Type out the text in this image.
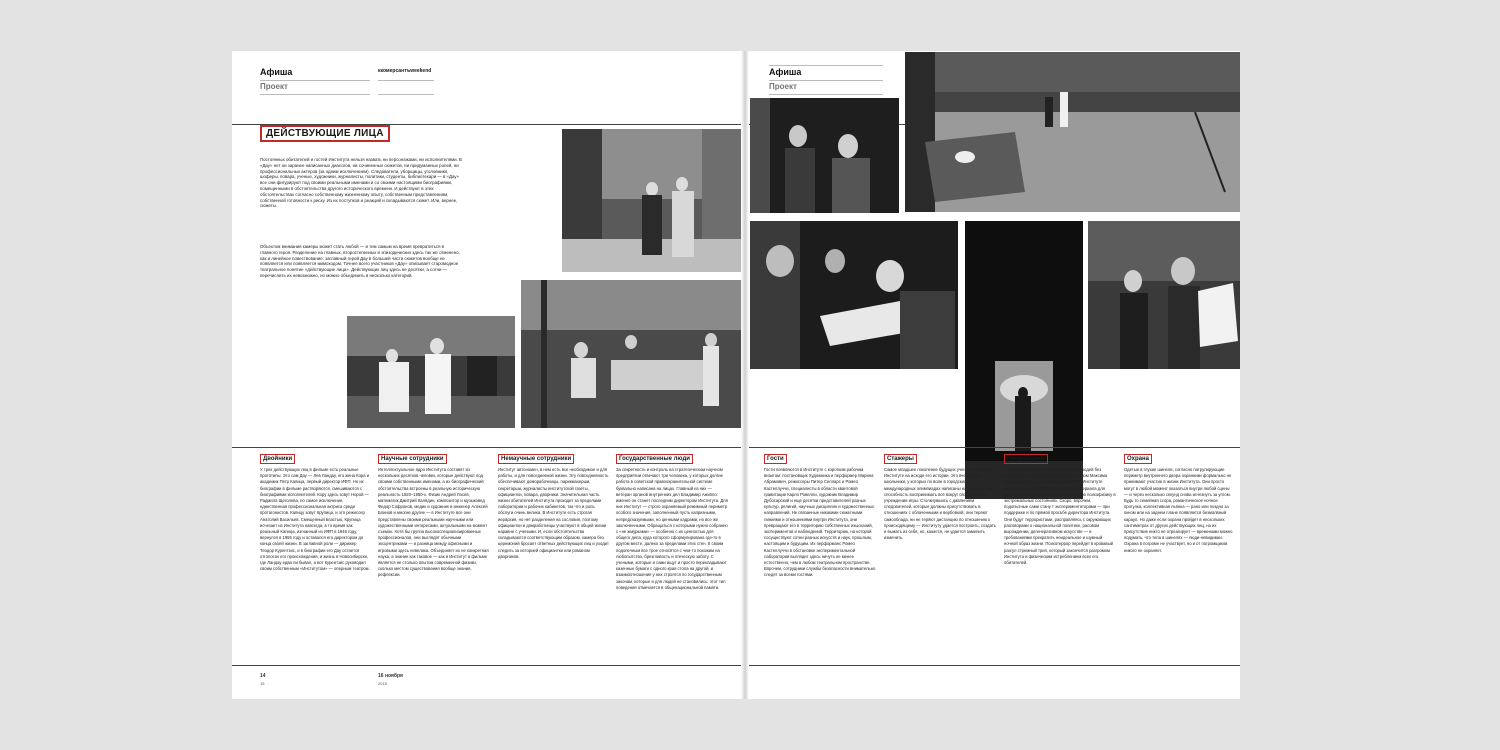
Афиша
Проект
ккомерсантъweekend
ДЕЙСТВУЮЩИЕ ЛИЦА
Постоянных обитателей и гостей Института нельзя назвать ни персонажами, ни исполнителями. В «Дау» нет ни заранее написанных диалогов, ни сочиненных сюжетов, ни придуманных ролей, ни профессиональных актеров (за одним исключением). Следователи, уборщицы, уголовники, шоферы, повара, ученые, художники, журналисты, политики, студенты, библиотекари — в «Дау» все они фигурируют под своими реальными именами и со своими настоящими биографиями, помещенными в обстоятельства другого исторического времени. И действуют в этих обстоятельствах согласно собственному жизненному опыту, собственным представлениям, собственной готовности к риску. Из их поступков и реакций и складываются сюжет. Или, вернее, сюжеты.
Объектом внимания камеры может стать любой — и тем самым на время превратиться в главного героя. Разделение на главных, второстепенных и эпизодических здесь так же отменено, как и линейное повествование: заглавный герой Дау в большей части сюжетов вообще не появляется или появляется мимоходом. Точнее всего участников «Дау» описывает старомодное театральное понятие «действующие лица». Действующих лиц здесь не десятки, а сотни — перечислить их невозможно, но можно объединить в несколько категорий.
Двойники
У трех действующих лиц в фильме есть реальные прототипы. Это сам Дау — Лев Ландау, его жена Кора и академик Петр Капица, первый директор ИФП. Но их биографии в фильме растворяются, смешиваются с биографиями исполнителей. Кору здесь зовут Норой — Радмила Щеголева, по самое исключение, единственная профессиональная актриса среди протагонистов. Капицу зовут Крупица, и это режиссер Анатолий Васильев. Смещенный властью, Крупица исчезает из Института навсегда, в то время как реальный Капица, изгнанный из ИФП в 1946 году, вернулся в 1955 году и оставался его директором до конца своей жизни. В заглавной роли — дирижер Теодор Курентзис, и в биографии его Дау остается отголосок его происхождения, и жизнь в Новосибирске, где Ландау едва ли бывал, а вот Курентзис руководил своим собственным «Институтом» — оперным театром.
Научные сотрудники
Интеллектуальное ядро Института составят из нескольких десятков человек, которые действуют под своими собственными именами, а их биографический обстоятельства встроены в реальную историческую реальность 1920–1950-х. Физик Андрей Лосев, математик Дмитрий Калядин, композитор и музыковед Федор Софронов, медик и художник и инженер Алексей Блинов и многие другие — в Институте все они представлены своими реальными научными или художественными интересами, актуальными на момент съемок. Хотя бы группа высокоспециализированных профессионалов, они выглядят обычными эксцентриками — и разница между офисными и игровыми здесь невелика. Объединяет их не конкретная наука, а знание как таковое — как и Институт в фильме является не столько опытом современной физики, сколько местом существования вообще знания, рефлексии.
Немаучные сотрудники
Институт автономен, в нем есть все необходимое и для работы, и для повседневной жизни. Эту повседневность обеспечивают доморабочницы, парикмахерши, секретарши, журналисты институтской газеты, официантки, повара, дворники. Значительная часть жизни обитателей Института проходит за пределами лаборатории и рабочих кабинетов, так что и роль обслуги очень велика. В Институте есть строгая иерархия, но нет разделения на сословия, поэтому официантки и домработницы участвуют в общей жизни наравне с учеными. И, если обстоятельства складываются соответствующим образом, камера без церемоний бросает ответных действующих лиц и уходит следить за историей официантки или романом дворников.
Государственные люди
За секретность и контроль на стратегическом научном предприятии отвечают три человека, у которых долгие работа в советской правоохранительной системе буквально написана на лицах. Главный из них — ветеран органов внутренних дел Владимир Ажиппо: именно он станет последним директором Института. Для них Институт — строго охраняемый режимный периметр особого значения, заполненный пусть капризными, непредсказуемыми, но ценными кадрами, но все же заключенными. Обращаться с которыми нужно собранно с «не жмурками» — особенно с их ценностью для общего дела, куда которого сформулирована где-то в другом месте, далеко за пределами этих стен. К своим подопечным все трое относятся с чем-то похожим на любопытство, брезгливость и отеческую заботу. С учеными, которые и сами ищут и просто перекладывают казенные бумаги с одного края стола на другой, и взаимоотношения у них строятся по государственным законам, которые и для людей не становились: этот тип поведения отмечается в общенациональной памяти.
14
15
16 ноября
2018
Афиша
Проект
Гости
Гости появляются в Институте с коротким рабочим визитом: постановщик Художника и перформер Марина Абрамович, режиссеры Питер Селларс и Ромео Кастеллуччи, специалисты в области квантовой гравитации Карло Ровелли, художник Владимир Дубосарский и еще десятки представителей разных культур, религий, научных дисциплин и художественных направлений. Не связанные никакими сюжетными линиями и отношениями внутри Института, они превращают его в территорию собственных изысканий, экспериментов и наблюдений. Территорию, на которой сосуществуют сотни разных искусств и наук, прошлым, настоящим и будущим. Их перформанс Ромео Кастеллуччи в обстановке экспериментальной лаборатории выглядит здесь ничуть не менее естественно, чем в любом театральном пространстве. Впрочем, сотрудники службы безопасности внимательно следят за всеми гостями.
Стажеры
Самое младшее поколение будущих ученых появится в Институте на исходе его истории. Это вчерашние школьники, у которых по воле в городских и международных олимпиадах написаны на лицах — и их способность воспринимать всё вокруг своих личных учреждении игры. Столкнувшись с давлением следователей, которые должны присутствовать в отношениях с облаченными и вербовкой, они теряют самооблада, ни не теряют дистанцию по отношению к происходящему — Институту удается построить, создать и выжать из себя, но, кажется, не удается заменить изменить.
Погромщики
Контактная группа спортивно молодых людей без внимания к потому под предводительством Максима Марцинкевича, он же Тесак, окажется в Институте формально в качестве подопытного материала для экспериментов, изучающих человеческую психофизику в экстремальных состояниях. Скоро, впрочем, подопытные сами стану т экспериментаторами — при поддержке и по прямой просьбе директора Института. Они будут террористами, расправляясь с окружающих разговорами о национальной политике, расовом вырождении, дегенеративном искусстве — и требованиями прекратить неидеальное и шумный ночной образ жизни. Психотеррор перейдет в кровавый разгул стремный трип, который закончится разгромом Института и физическим истреблением всех его обитателей.
Охрана
Одетые в глухие шинели, согласно патрулирующие периметр внутреннего двора охранники формально не принимают участие в жизни Института. Они просто могут в любой момент оказаться внутри любой сцены — и через несколько секунд снова исчезнуть за углом. Будь то семейная ссора, романтическое ночное прогулка, коллективная пьянка — рано или поздно за окном или на заднем плане появляется безмолвный караул. Но даже если охрана пройдет в нескольких сантиметрах от других действующих лиц, на их присутствие никто не отреагирует — временами можно подумать, что тела в шинелях — люди-невидимки. Охрана в погроме не участвует, но и от погромщиков никого не охраняет.
